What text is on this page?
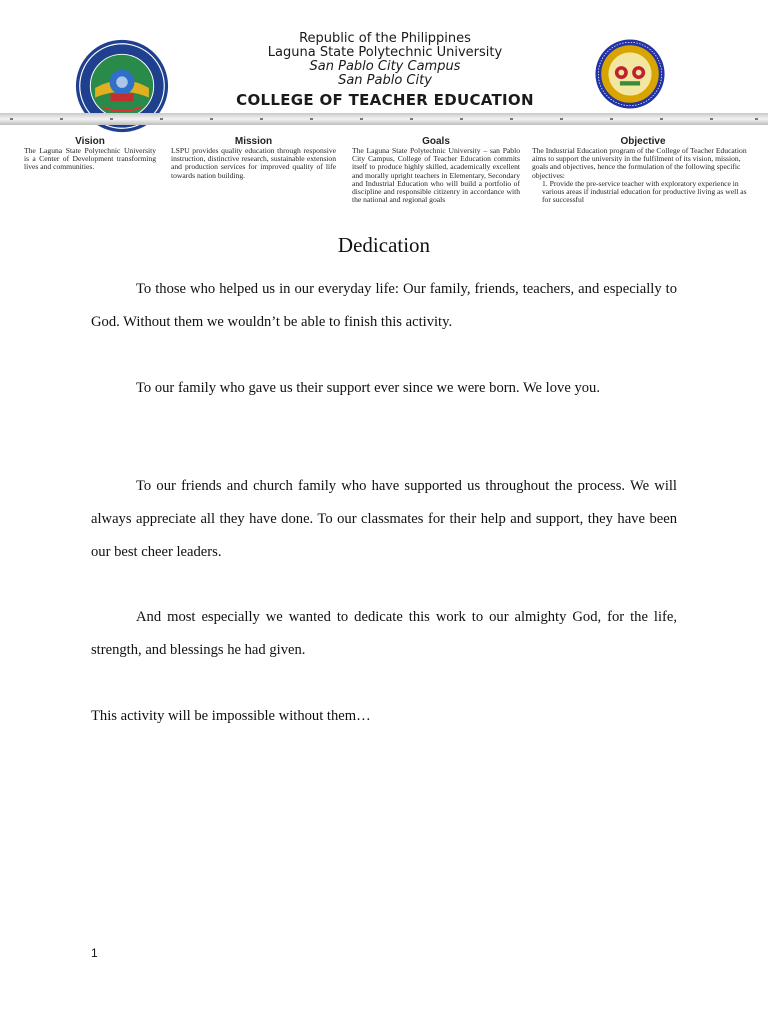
Republic of the Philippines
Laguna State Polytechnic University
San Pablo City Campus
San Pablo City
COLLEGE OF TEACHER EDUCATION
Vision
The Laguna State Polytechnic University is a Center of Development transforming lives and communities.
Mission
LSPU provides quality education through responsive instruction, distinctive research, sustainable extension and production services for improved quality of life towards nation building.
Goals
The Laguna State Polytechnic University – san Pablo City Campus, College of Teacher Education commits itself to produce highly skilled, academically excellent and morally upright teachers in Elementary, Secondary and Industrial Education who will build a portfolio of discipline and responsible citizenry in accordance with the national and regional goals
Objective
The Industrial Education program of the College of Teacher Education aims to support the university in the fulfilment of its vision, mission, goals and objectives, hence the formulation of the following specific objectives:
1. Provide the pre-service teacher with exploratory experience in various areas if industrial education for productive living as well as for successful
Dedication

To those who helped us in our everyday life: Our family, friends, teachers, and especially to God. Without them we wouldn’t be able to finish this activity.

To our family who gave us their support ever since we were born. We love you.

To our friends and church family who have supported us throughout the process. We will always appreciate all they have done. To our classmates for their help and support, they have been our best cheer leaders.

And most especially we wanted to dedicate this work to our almighty God, for the life, strength, and blessings he had given.

This activity will be impossible without them…

1
